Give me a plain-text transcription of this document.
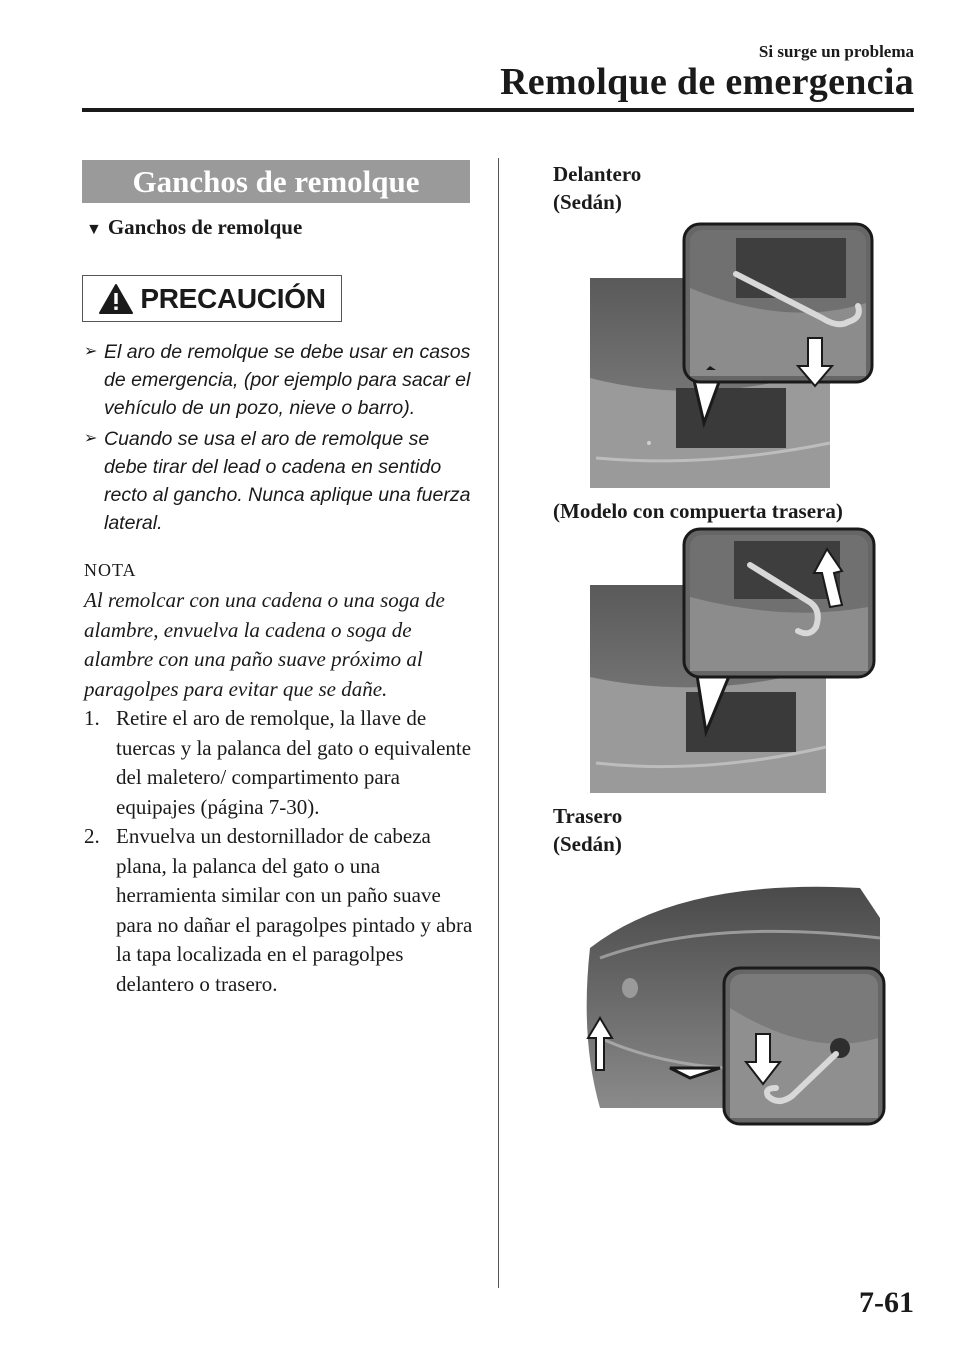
Si surge un problema
Remolque de emergencia
Ganchos de remolque
▼ Ganchos de remolque
PRECAUCIÓN
➢ El aro de remolque se debe usar en casos de emergencia, (por ejemplo para sacar el vehículo de un pozo, nieve o barro).
➢ Cuando se usa el aro de remolque se debe tirar del lead o cadena en sentido recto al gancho. Nunca aplique una fuerza lateral.
NOTA
Al remolcar con una cadena o una soga de alambre, envuelva la cadena o soga de alambre con una paño suave próximo al paragolpes para evitar que se dañe.
1. Retire el aro de remolque, la llave de tuercas y la palanca del gato o equivalente del maletero/ compartimento para equipajes (página 7-30).
2. Envuelva un destornillador de cabeza plana, la palanca del gato o una herramienta similar con un paño suave para no dañar el paragolpes pintado y abra la tapa localizada en el paragolpes delantero o trasero.
Delantero
(Sedán)
(Modelo con compuerta trasera)
Trasero
(Sedán)
7-61
